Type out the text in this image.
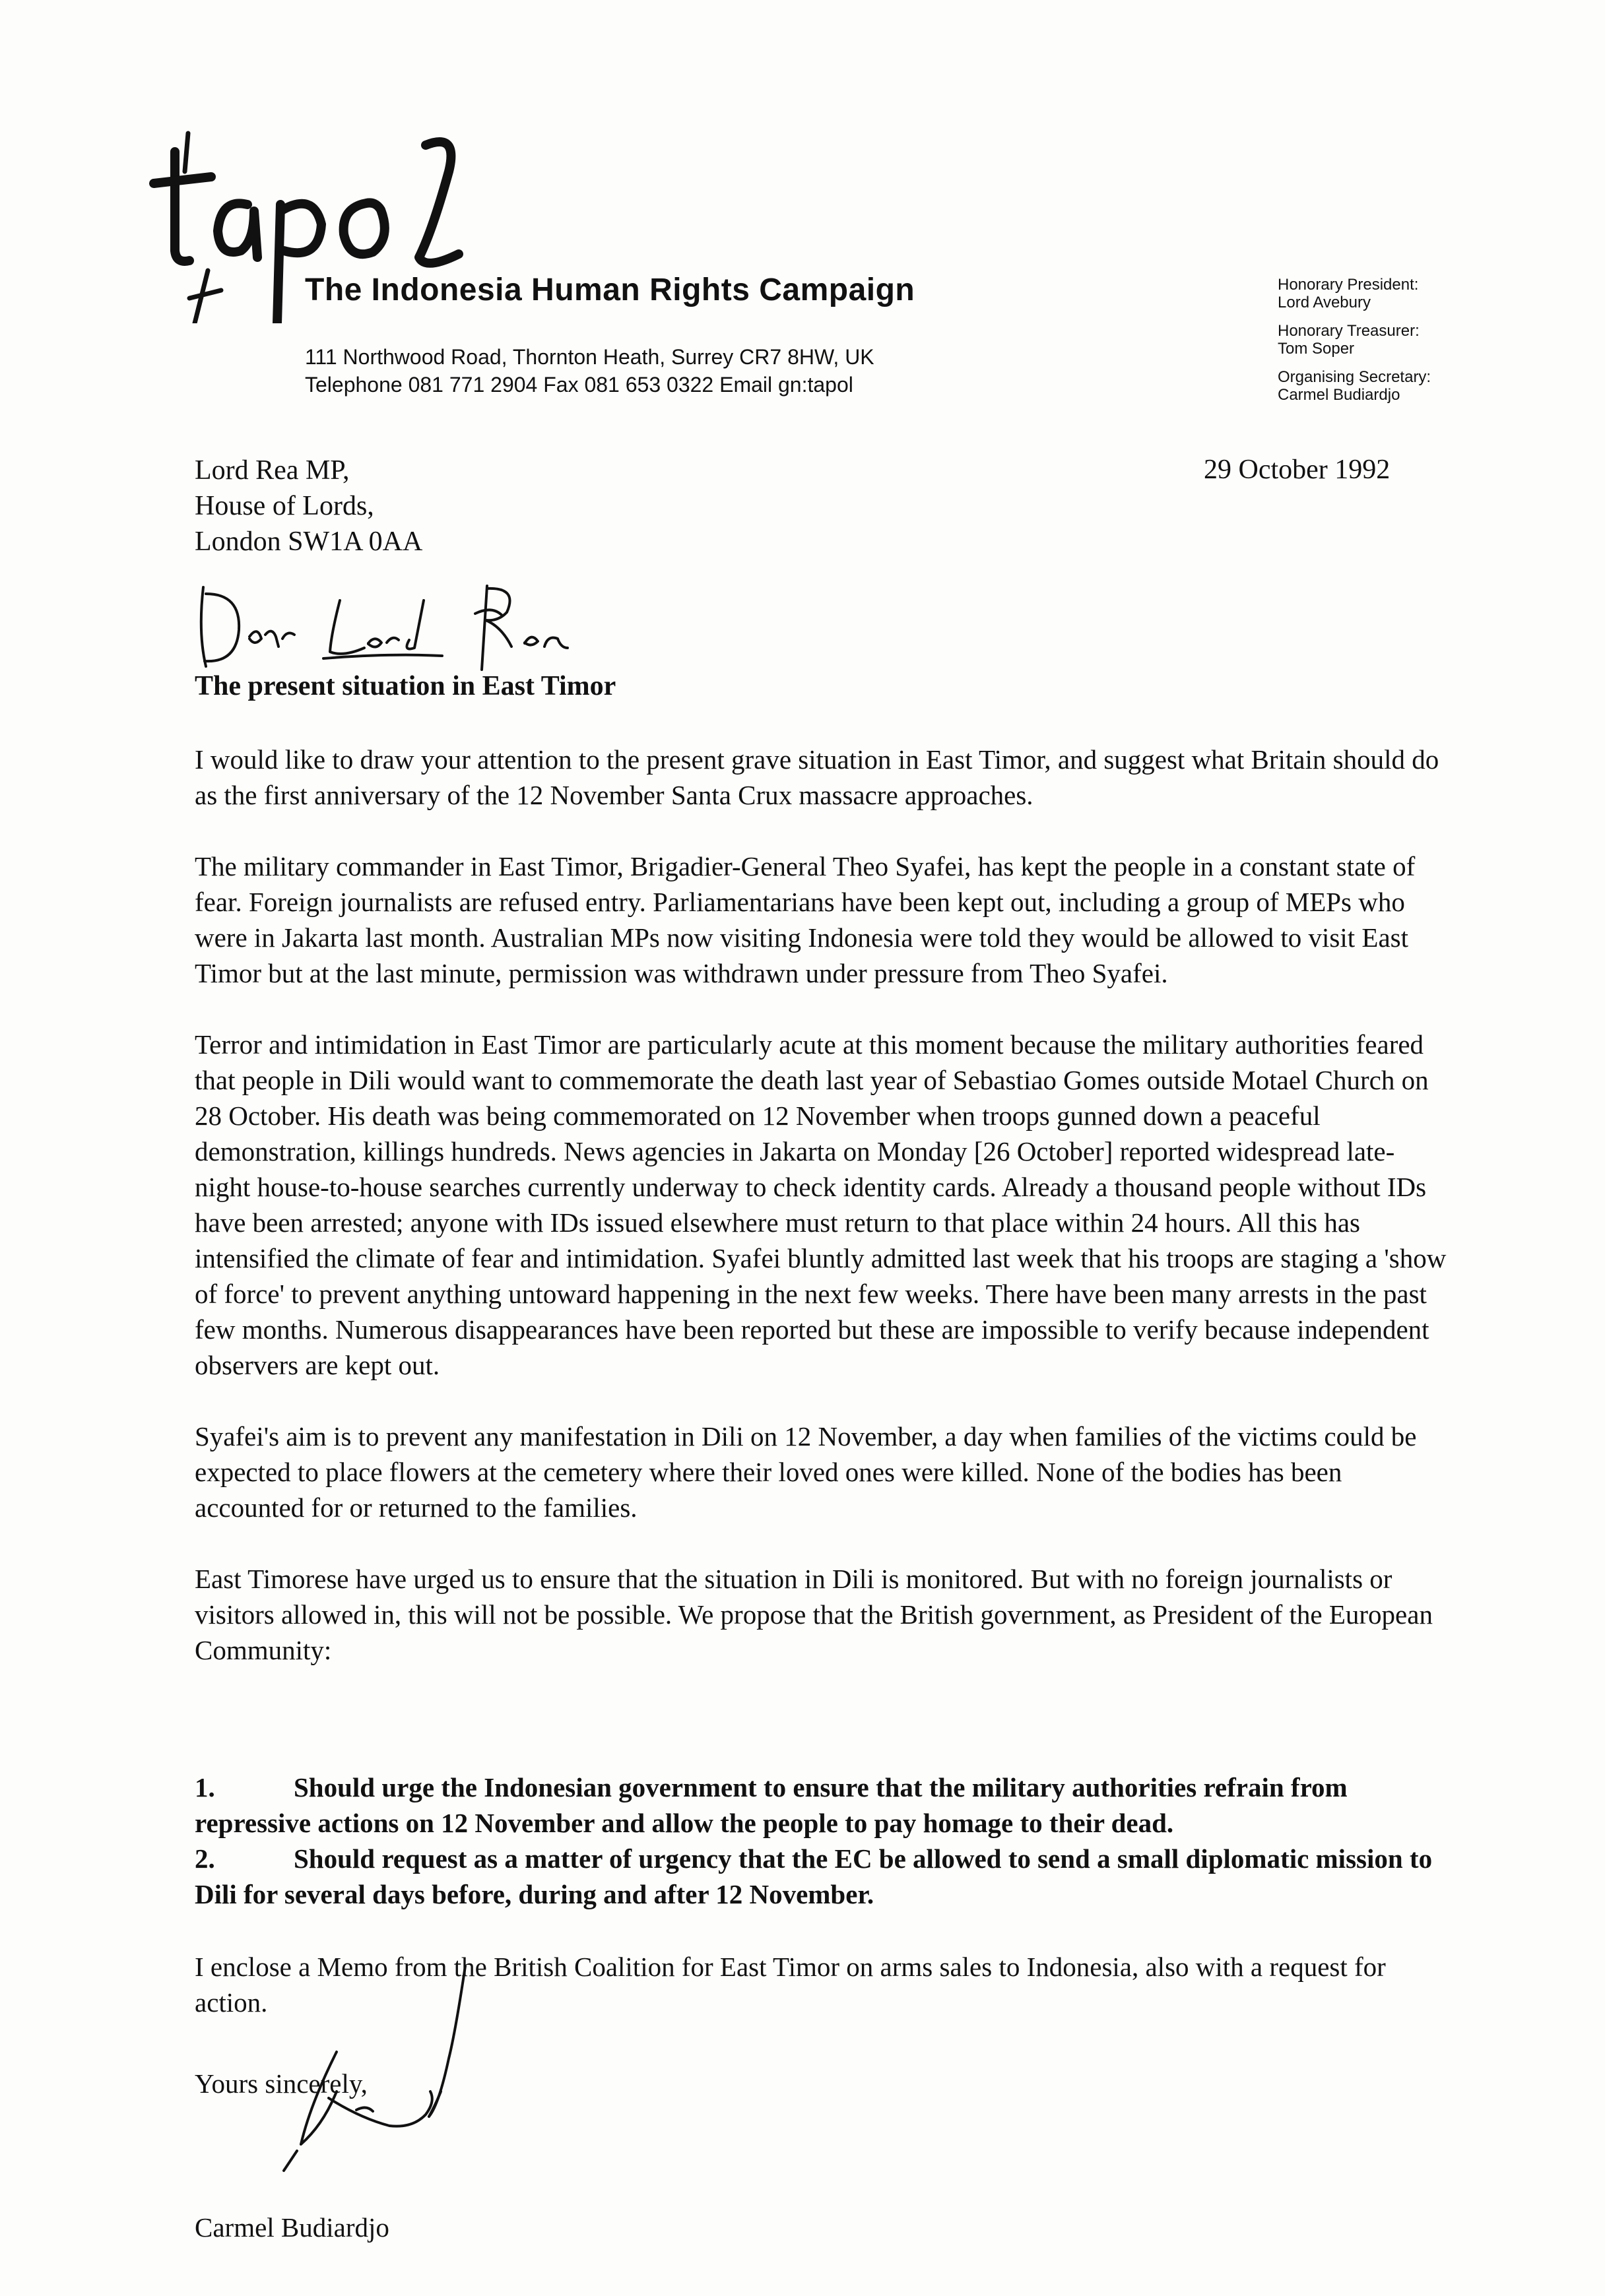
The Indonesia Human Rights Campaign
111 Northwood Road, Thornton Heath, Surrey CR7 8HW, UK
Telephone 081 771 2904 Fax 081 653 0322 Email gn:tapol
Honorary President:
Lord Avebury
Honorary Treasurer:
Tom Soper
Organising Secretary:
Carmel Budiardjo
Lord Rea MP,
House of Lords,
London SW1A 0AA
29 October 1992
The present situation in East Timor

I would like to draw your attention to the present grave situation in East Timor, and suggest what Britain should do as the first anniversary of the 12 November Santa Crux massacre approaches.

The military commander in East Timor, Brigadier-General Theo Syafei, has kept the people in a constant state of fear. Foreign journalists are refused entry. Parliamentarians have been kept out, including a group of MEPs who were in Jakarta last month. Australian MPs now visiting Indonesia were told they would be allowed to visit East Timor but at the last minute, permission was withdrawn under pressure from Theo Syafei.

Terror and intimidation in East Timor are particularly acute at this moment because the military authorities feared that people in Dili would want to commemorate the death last year of Sebastiao Gomes outside Motael Church on 28 October. His death was being commemorated on 12 November when troops gunned down a peaceful demonstration, killings hundreds. News agencies in Jakarta on Monday [26 October] reported widespread late-night house-to-house searches currently underway to check identity cards. Already a thousand people without IDs have been arrested; anyone with IDs issued elsewhere must return to that place within 24 hours. All this has intensified the climate of fear and intimidation. Syafei bluntly admitted last week that his troops are staging a 'show of force' to prevent anything untoward happening in the next few weeks. There have been many arrests in the past few months. Numerous disappearances have been reported but these are impossible to verify because independent observers are kept out.

Syafei's aim is to prevent any manifestation in Dili on 12 November, a day when families of the victims could be expected to place flowers at the cemetery where their loved ones were killed. None of the bodies has been accounted for or returned to the families.

East Timorese have urged us to ensure that the situation in Dili is monitored. But with no foreign journalists or visitors allowed in, this will not be possible. We propose that the British government, as President of the European Community:

1.	Should urge the Indonesian government to ensure that the military authorities refrain from repressive actions on 12 November and allow the people to pay homage to their dead.
2.	Should request as a matter of urgency that the EC be allowed to send a small diplomatic mission to Dili for several days before, during and after 12 November.
I enclose a Memo from the British Coalition for East Timor on arms sales to Indonesia, also with a request for action.
Yours sincerely,
Carmel Budiardjo
